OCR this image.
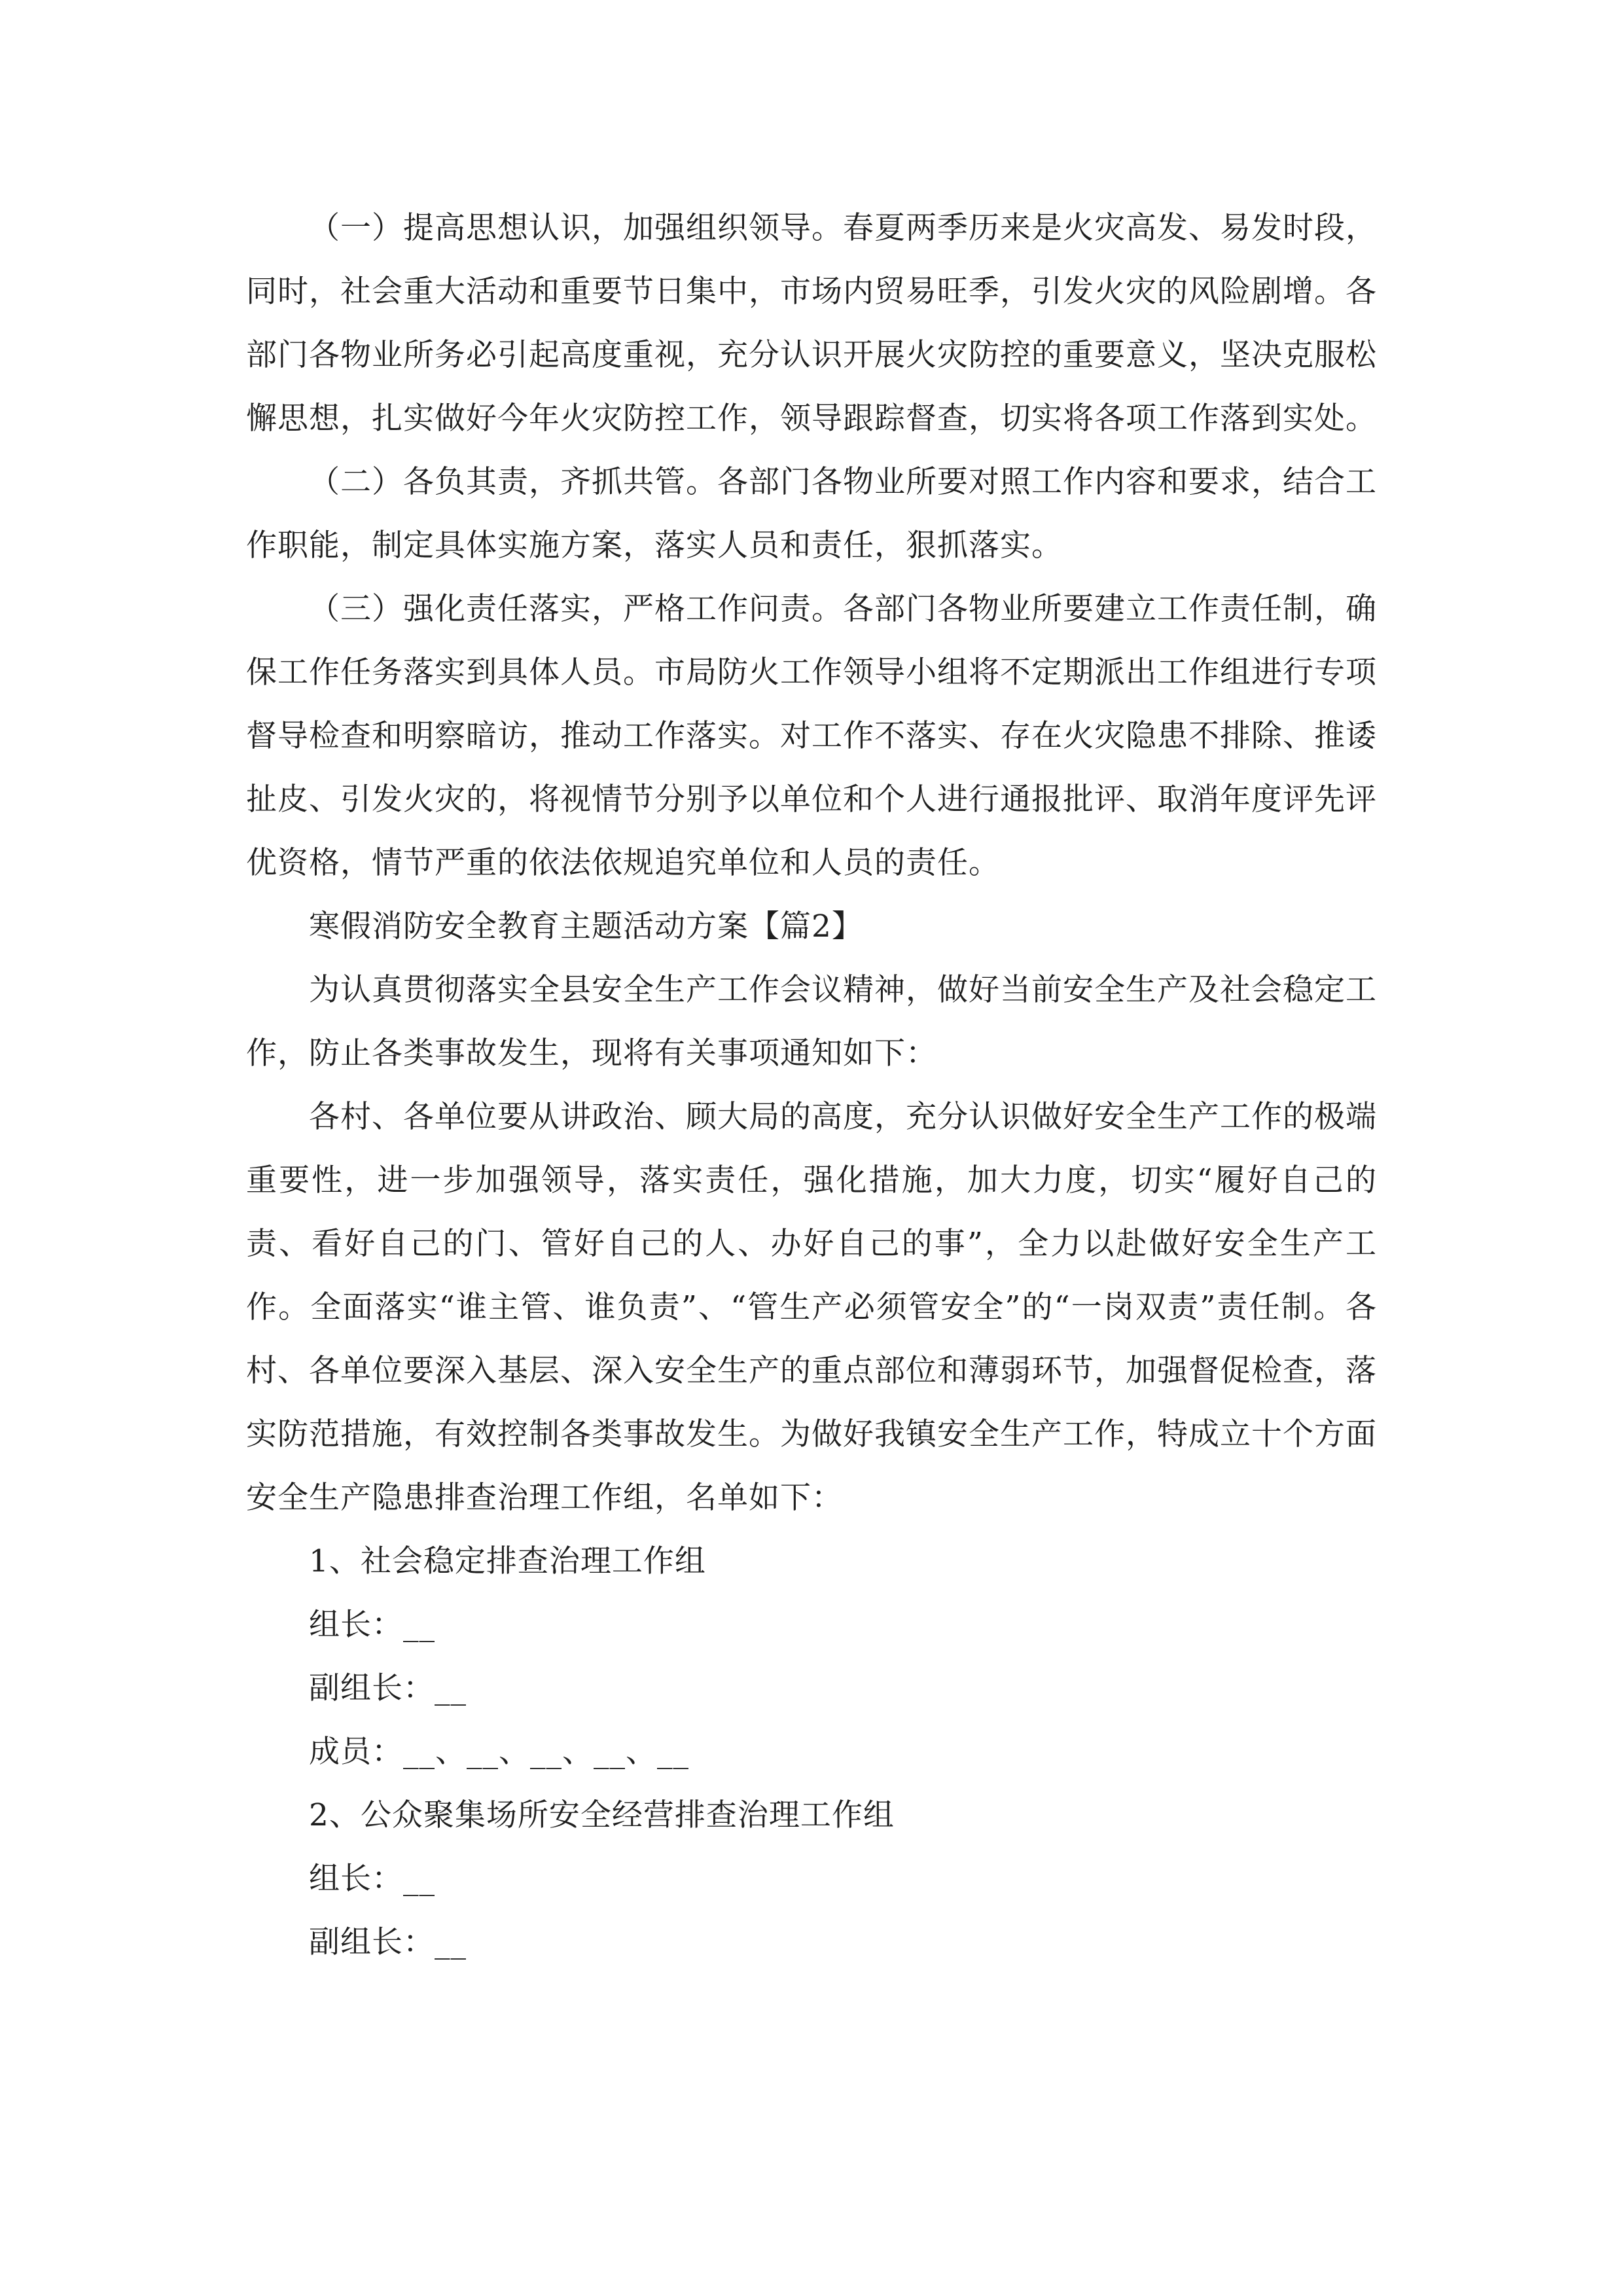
（一）提高思想认识，加强组织领导。春夏两季历来是火灾高发、易发时段，同时，社会重大活动和重要节日集中，市场内贸易旺季，引发火灾的风险剧增。各部门各物业所务必引起高度重视，充分认识开展火灾防控的重要意义，坚决克服松懈思想，扎实做好今年火灾防控工作，领导跟踪督查，切实将各项工作落到实处。

（二）各负其责，齐抓共管。各部门各物业所要对照工作内容和要求，结合工作职能，制定具体实施方案，落实人员和责任，狠抓落实。

（三）强化责任落实，严格工作问责。各部门各物业所要建立工作责任制，确保工作任务落实到具体人员。市局防火工作领导小组将不定期派出工作组进行专项督导检查和明察暗访，推动工作落实。对工作不落实、存在火灾隐患不排除、推诿扯皮、引发火灾的，将视情节分别予以单位和个人进行通报批评、取消年度评先评优资格，情节严重的依法依规追究单位和人员的责任。

寒假消防安全教育主题活动方案【篇2】

为认真贯彻落实全县安全生产工作会议精神，做好当前安全生产及社会稳定工作，防止各类事故发生，现将有关事项通知如下：

各村、各单位要从讲政治、顾大局的高度，充分认识做好安全生产工作的极端重要性，进一步加强领导，落实责任，强化措施，加大力度，切实“履好自己的责、看好自己的门、管好自己的人、办好自己的事”，全力以赴做好安全生产工作。全面落实“谁主管、谁负责”、“管生产必须管安全”的“一岗双责”责任制。各村、各单位要深入基层、深入安全生产的重点部位和薄弱环节，加强督促检查，落实防范措施，有效控制各类事故发生。为做好我镇安全生产工作，特成立十个方面安全生产隐患排查治理工作组，名单如下：

1、社会稳定排查治理工作组

组长：__

副组长：__

成员：__、__、__、__、__

2、公众聚集场所安全经营排查治理工作组

组长：__

副组长：__
